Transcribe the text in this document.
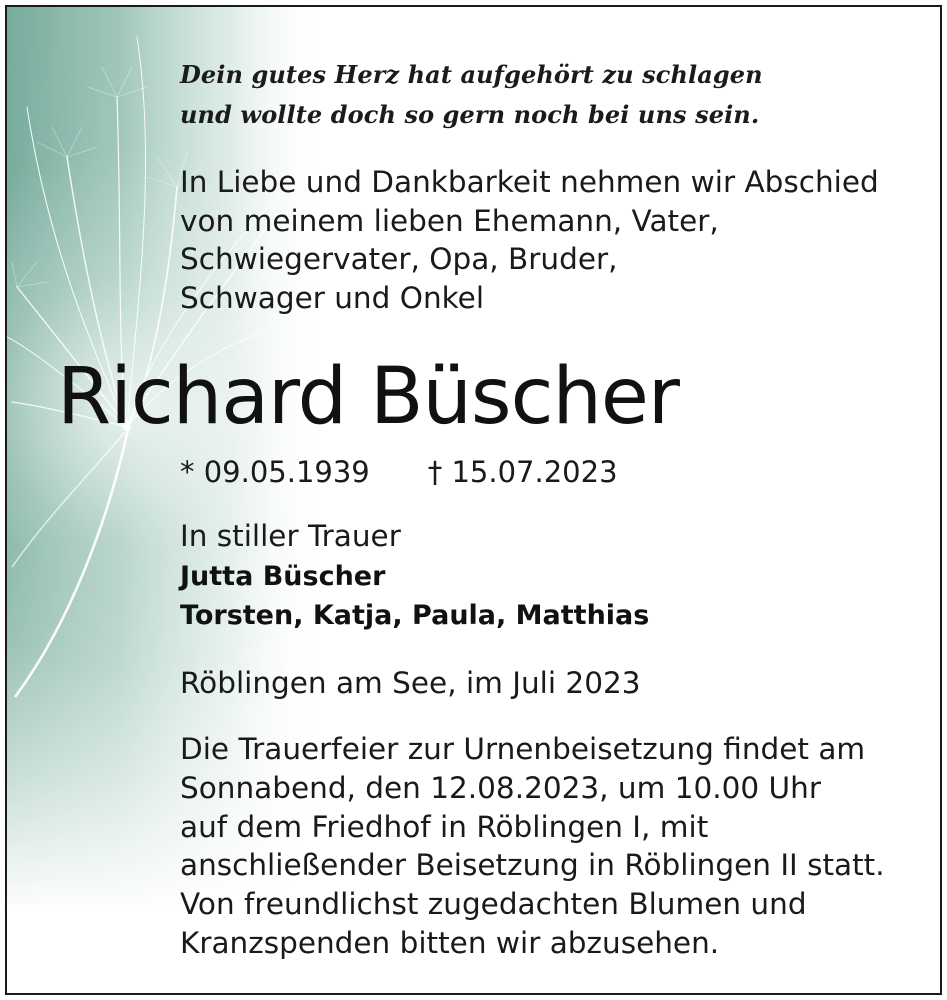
Dein gutes Herz hat aufgehört zu schlagen
und wollte doch so gern noch bei uns sein.
In Liebe und Dankbarkeit nehmen wir Abschied
von meinem lieben Ehemann, Vater,
Schwiegervater, Opa, Bruder,
Schwager und Onkel
Richard Büscher
* 09.05.1939 † 15.07.2023
In stiller Trauer
Jutta Büscher
Torsten, Katja, Paula, Matthias
Röblingen am See, im Juli 2023
Die Trauerfeier zur Urnenbeisetzung findet am
Sonnabend, den 12.08.2023, um 10.00 Uhr
auf dem Friedhof in Röblingen I, mit
anschließender Beisetzung in Röblingen II statt.
Von freundlichst zugedachten Blumen und
Kranzspenden bitten wir abzusehen.
